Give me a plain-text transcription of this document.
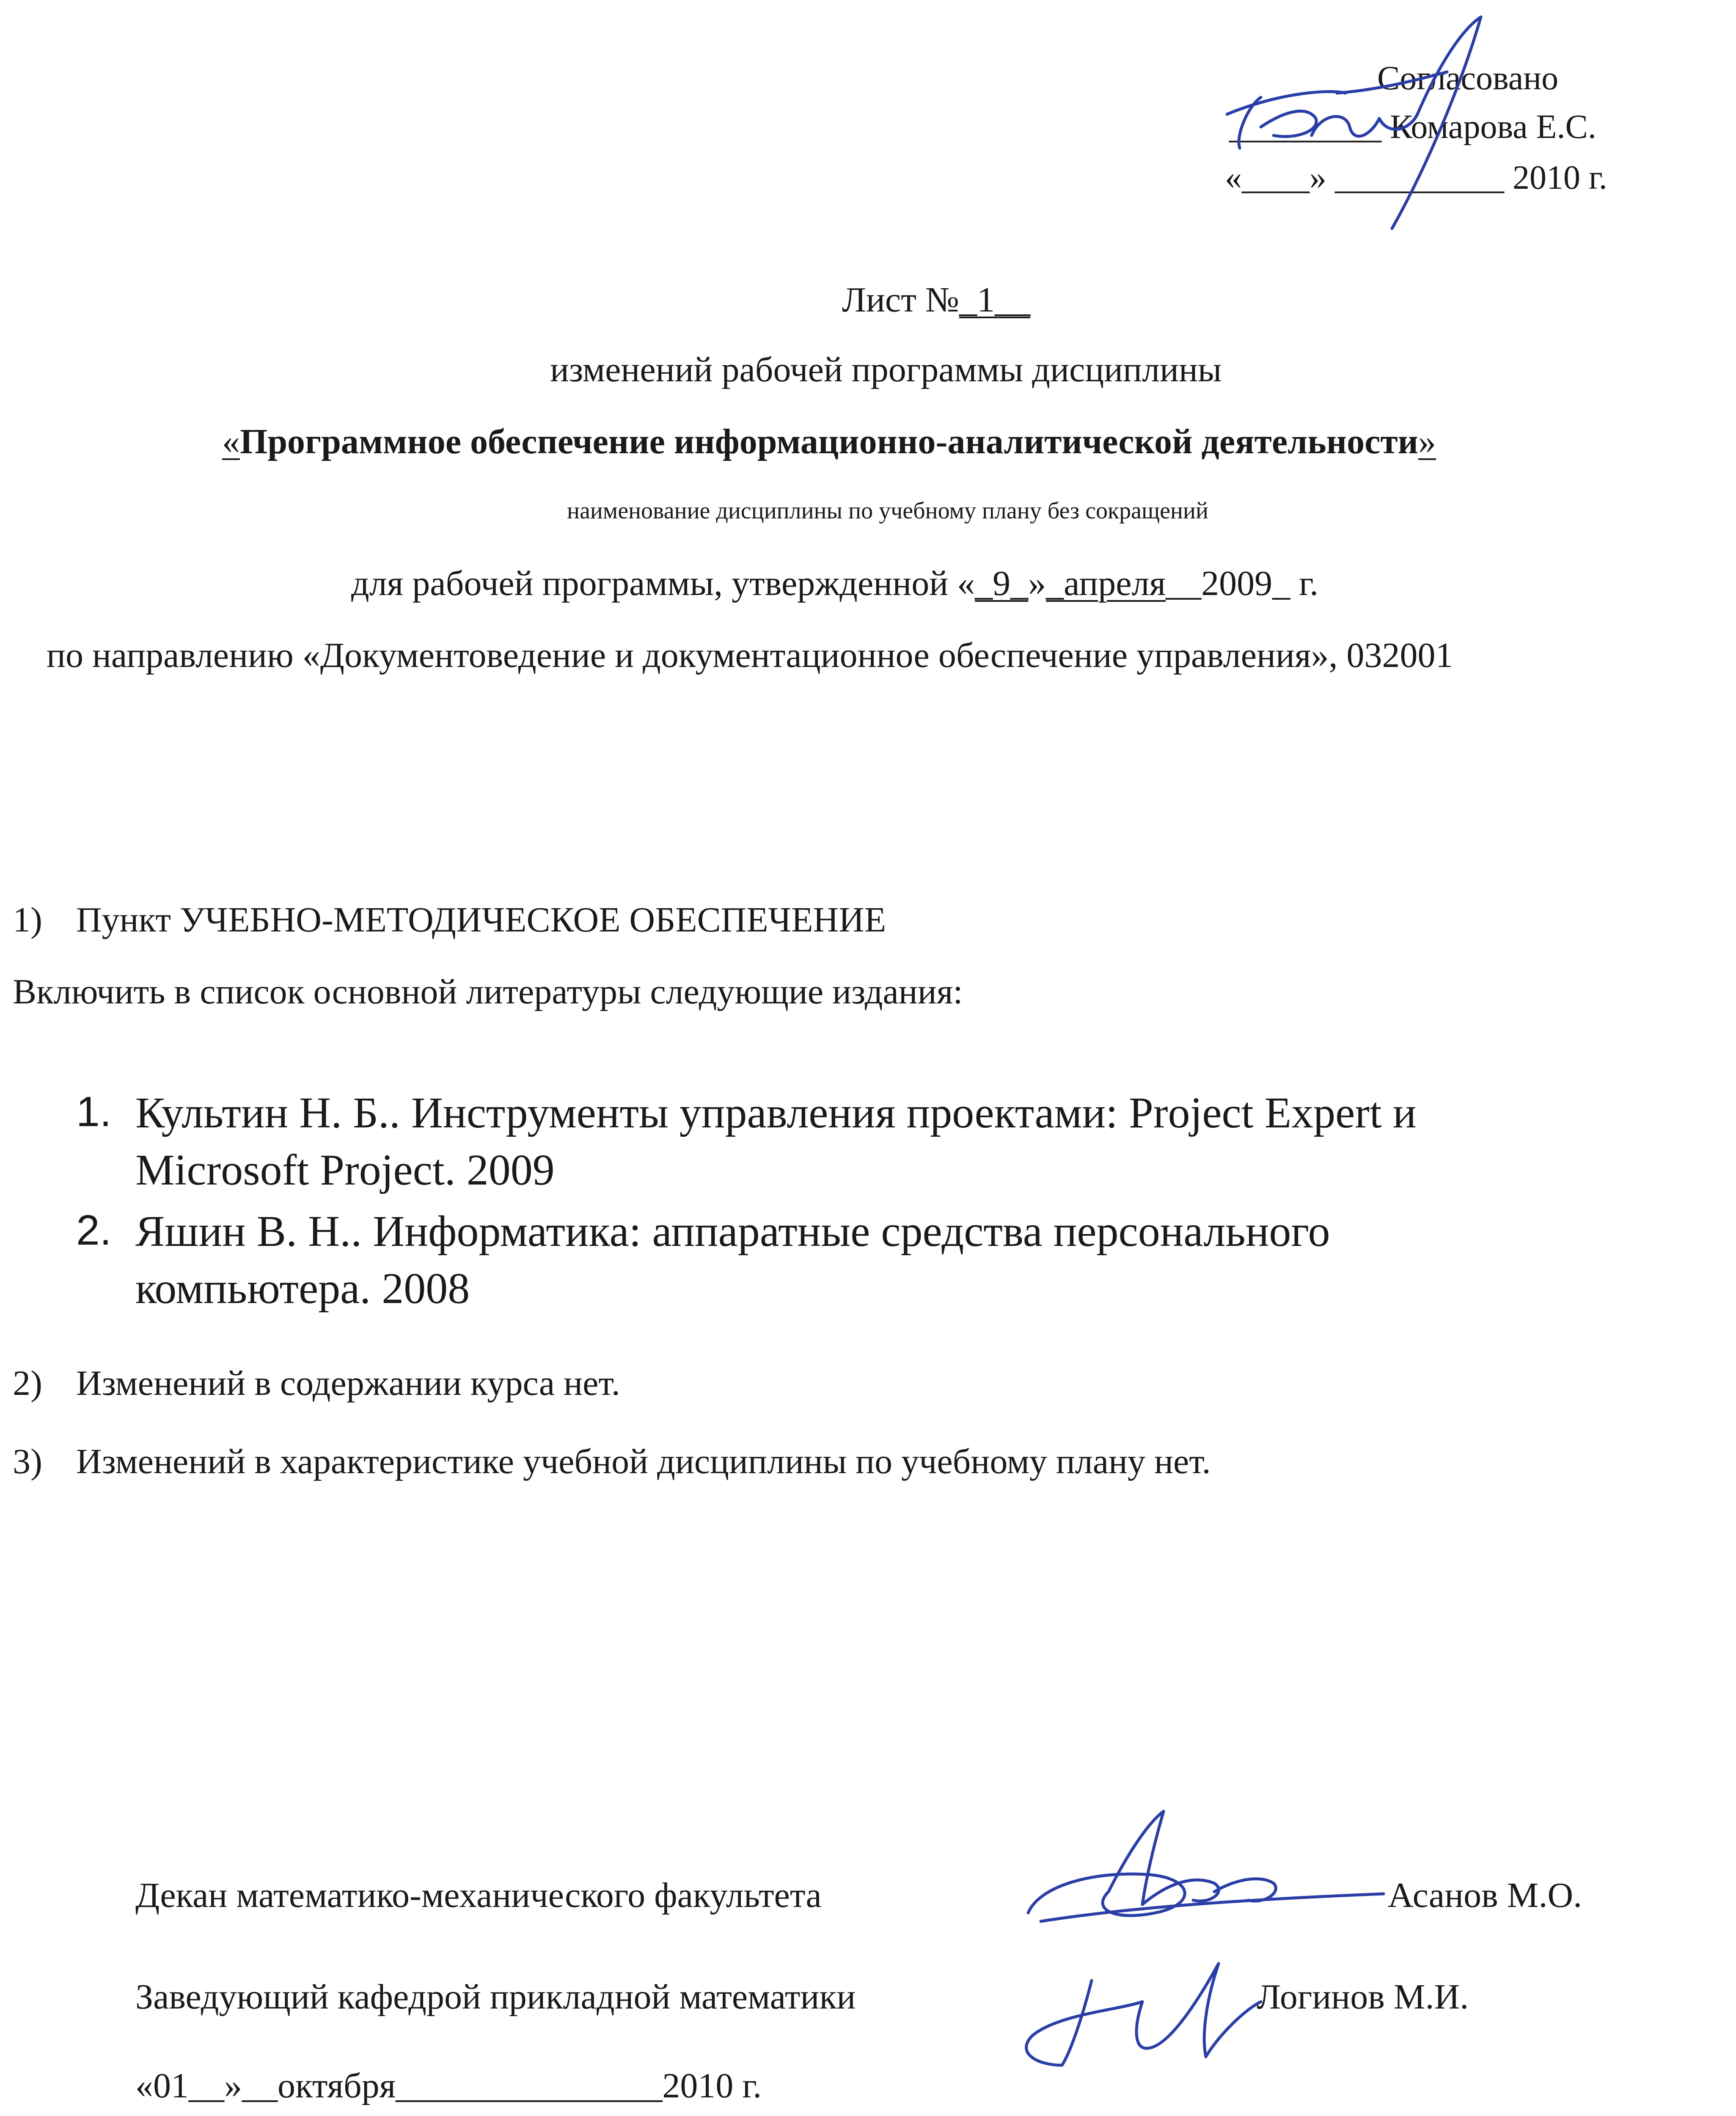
Согласовано
_________ Комарова Е.С.
«____» __________ 2010 г.
Лист №_1__
изменений рабочей программы дисциплины
«Программное обеспечение информационно-аналитической деятельности»
наименование дисциплины по учебному плану без сокращений
для рабочей программы, утвержденной «_9_»_апреля__2009_ г.
по направлению «Документоведение и документационное обеспечение управления», 032001
1) Пункт УЧЕБНО-МЕТОДИЧЕСКОЕ ОБЕСПЕЧЕНИЕ
Включить в список основной литературы следующие издания:
1. Культин Н. Б.. Инструменты управления проектами: Project Expert и
Microsoft Project. 2009
2. Яшин В. Н.. Информатика: аппаратные средства персонального
компьютера. 2008
2) Изменений в содержании курса нет.
3) Изменений в характеристике учебной дисциплины по учебному плану нет.
Декан математико-механического факультета	Асанов М.О.
Заведующий кафедрой прикладной математики	Логинов М.И.
«01__»__октября_______________2010 г.
